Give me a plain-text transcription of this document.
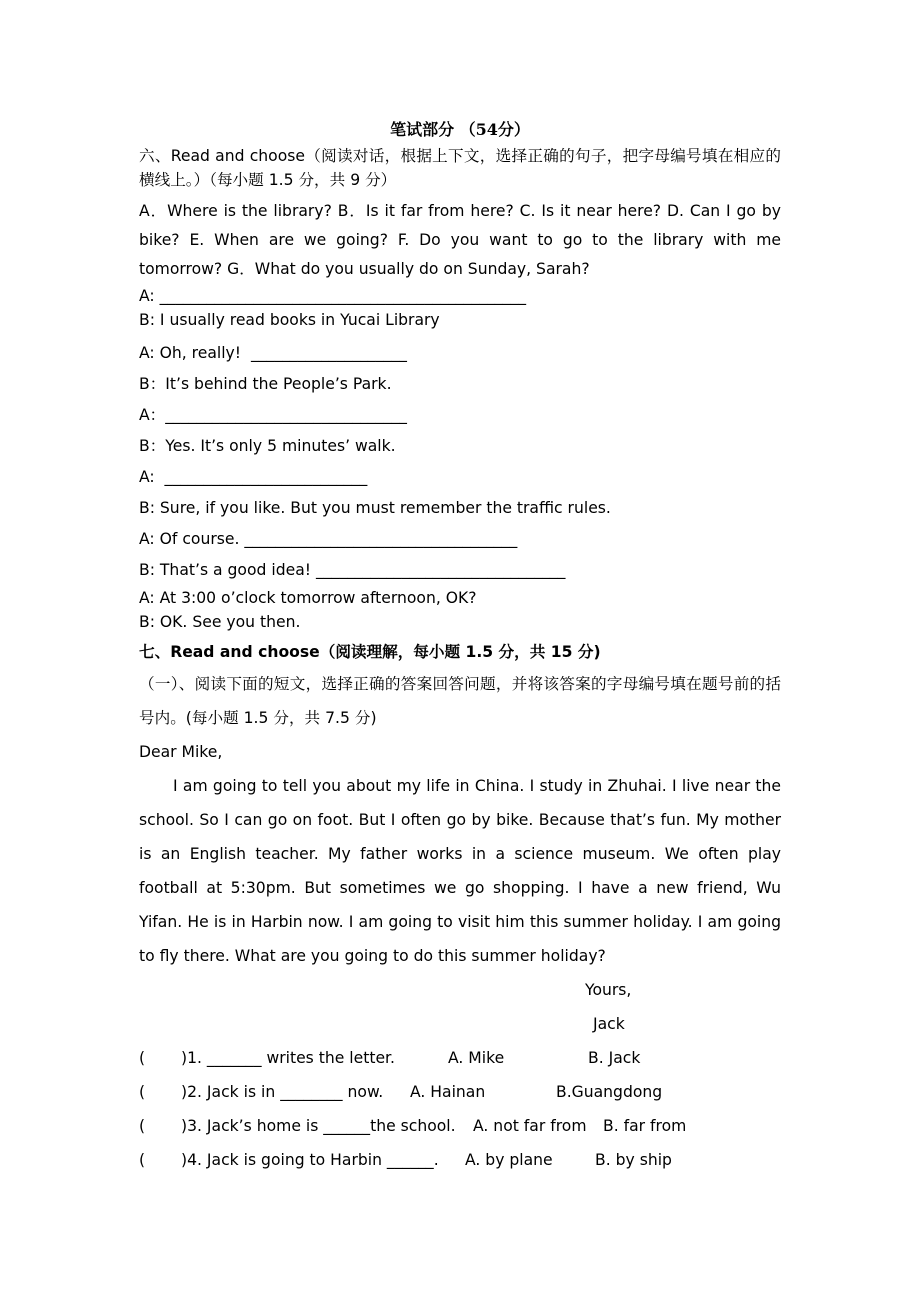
笔试部分 （54分）
六、Read and choose（阅读对话，根据上下文，选择正确的句子，把字母编号填在相应的横线上。）（每小题 1.5 分，共 9 分）
A．Where is the library? B．Is it far from here? C. Is it near here? D. Can I go by bike? E. When are we going? F. Do you want to go to the library with me tomorrow? G．What do you usually do on Sunday, Sarah?
A: _______________________________________________
B: I usually read books in Yucai Library
A: Oh, really!  ____________________
B：It’s behind the People’s Park.
A：_______________________________
B：Yes. It’s only 5 minutes’ walk.
A:  __________________________
B: Sure, if you like. But you must remember the traffic rules.
A: Of course. ___________________________________
B: That’s a good idea! ________________________________
A: At 3:00 o’clock tomorrow afternoon, OK?
B: OK. See you then.
七、Read and choose（阅读理解，每小题 1.5 分，共 15 分)
（一）、阅读下面的短文，选择正确的答案回答问题，并将该答案的字母编号填在题号前的括号内。(每小题 1.5 分，共 7.5 分)
Dear Mike,
I am going to tell you about my life in China. I study in Zhuhai. I live near the school. So I can go on foot. But I often go by bike. Because that’s fun. My mother is an English teacher. My father works in a science museum. We often play football at 5:30pm. But sometimes we go shopping. I have a new friend, Wu Yifan. He is in Harbin now. I am going to visit him this summer holiday. I am going to fly there. What are you going to do this summer holiday?
Yours,
Jack
( )1. _______ writes the letter.	A. Mike	B. Jack
( )2. Jack is in ________ now. A. Hainan	B.Guangdong
( )3. Jack’s home is ______the school. A. not far from B. far from
( )4. Jack is going to Harbin ______. A. by plane	B. by ship
